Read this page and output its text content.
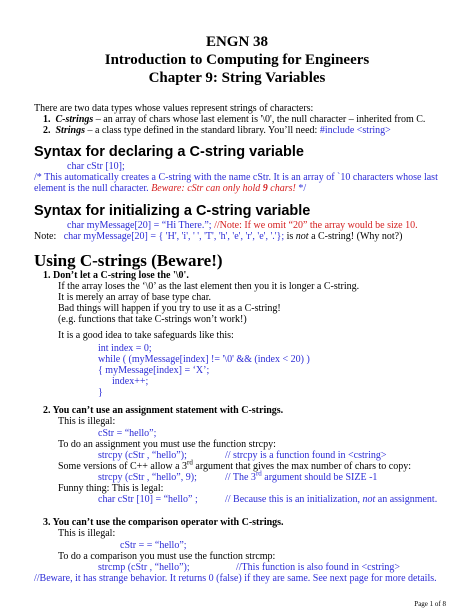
ENGN 38
Introduction to Computing for Engineers
Chapter 9: String Variables
There are two data types whose values represent strings of characters:
1. C-strings – an array of chars whose last element is '\0', the null character – inherited from C.
2. Strings – a class type defined in the standard library. You’ll need: #include <string>
Syntax for declaring a C-string variable
char cStr [10];
/* This automatically creates a C-string with the name cStr. It is an array of `10 characters whose last
element is the null character. Beware: cStr can only hold 9 chars! */
Syntax for initializing a C-string variable
char myMessage[20] = “Hi There.”; //Note: If we omit “20” the array would be size 10.
Note: char myMessage[20] = { 'H', 'i', ' ', 'T', 'h', 'e', 'r', 'e', '.'}; is not a C-string! (Why not?)
Using C-strings (Beware!)
1. Don’t let a C-string lose the '\0'.
If the array loses the ‘\0’ as the last element then you it is longer a C-string.
It is merely an array of base type char.
Bad things will happen if you try to use it as a C-string!
(e.g. functions that take C-strings won’t work!)
It is a good idea to take safeguards like this:
int index = 0;
while ( (myMessage[index] != '\0' && (index < 20) )
{ myMessage[index] = ‘X’;
index++;
}
2. You can’t use an assignment statement with C-strings.
This is illegal:
cStr = “hello”;
To do an assignment you must use the function strcpy:
strcpy (cStr , “hello”);	// strcpy is a function found in <cstring>
Some versions of C++ allow a 3rd argument that gives the max number of chars to copy:
strcpy (cStr , “hello”, 9);	// The 3rd argument should be SIZE -1
Funny thing: This is legal:
char cStr [10] = “hello” ;	// Because this is an initialization, not an assignment.
3. You can’t use the comparison operator with C-strings.
This is illegal:
cStr = = “hello”;
To do a comparison you must use the function strcmp:
strcmp (cStr , “hello”);	//This function is also found in <cstring>
//Beware, it has strange behavior. It returns 0 (false) if they are same. See next page for more details.
Page 1 of 8
